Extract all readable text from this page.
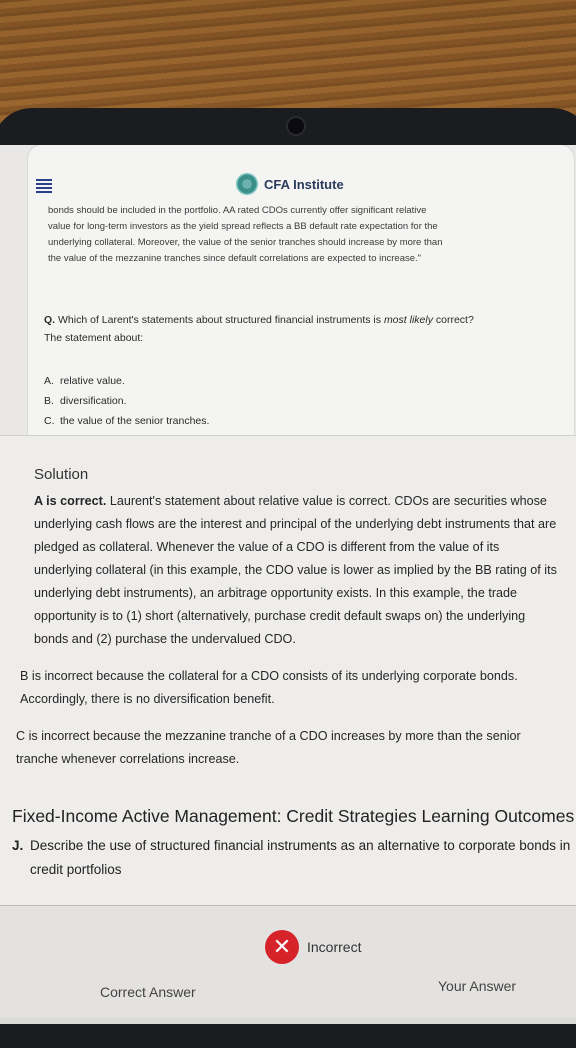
CFA Institute
bonds should be included in the portfolio. AA rated CDOs currently offer significant relative
value for long-term investors as the yield spread reflects a BB default rate expectation for the
underlying collateral. Moreover, the value of the senior tranches should increase by more than
the value of the mezzanine tranches since default correlations are expected to increase."
Q. Which of Larent's statements about structured financial instruments is most likely correct?
The statement about:
A. relative value.
B. diversification.
C. the value of the senior tranches.
Solution

A is correct. Laurent's statement about relative value is correct. CDOs are securities whose
underlying cash flows are the interest and principal of the underlying debt instruments that are
pledged as collateral. Whenever the value of a CDO is different from the value of its
underlying collateral (in this example, the CDO value is lower as implied by the BB rating of its
underlying debt instruments), an arbitrage opportunity exists. In this example, the trade
opportunity is to (1) short (alternatively, purchase credit default swaps on) the underlying
bonds and (2) purchase the undervalued CDO.

B is incorrect because the collateral for a CDO consists of its underlying corporate bonds.
Accordingly, there is no diversification benefit.

C is incorrect because the mezzanine tranche of a CDO increases by more than the senior
tranche whenever correlations increase.

Fixed-Income Active Management: Credit Strategies Learning Outcomes
J. Describe the use of structured financial instruments as an alternative to corporate bonds in
credit portfolios
✕	Incorrect
Correct Answer	Your Answer
